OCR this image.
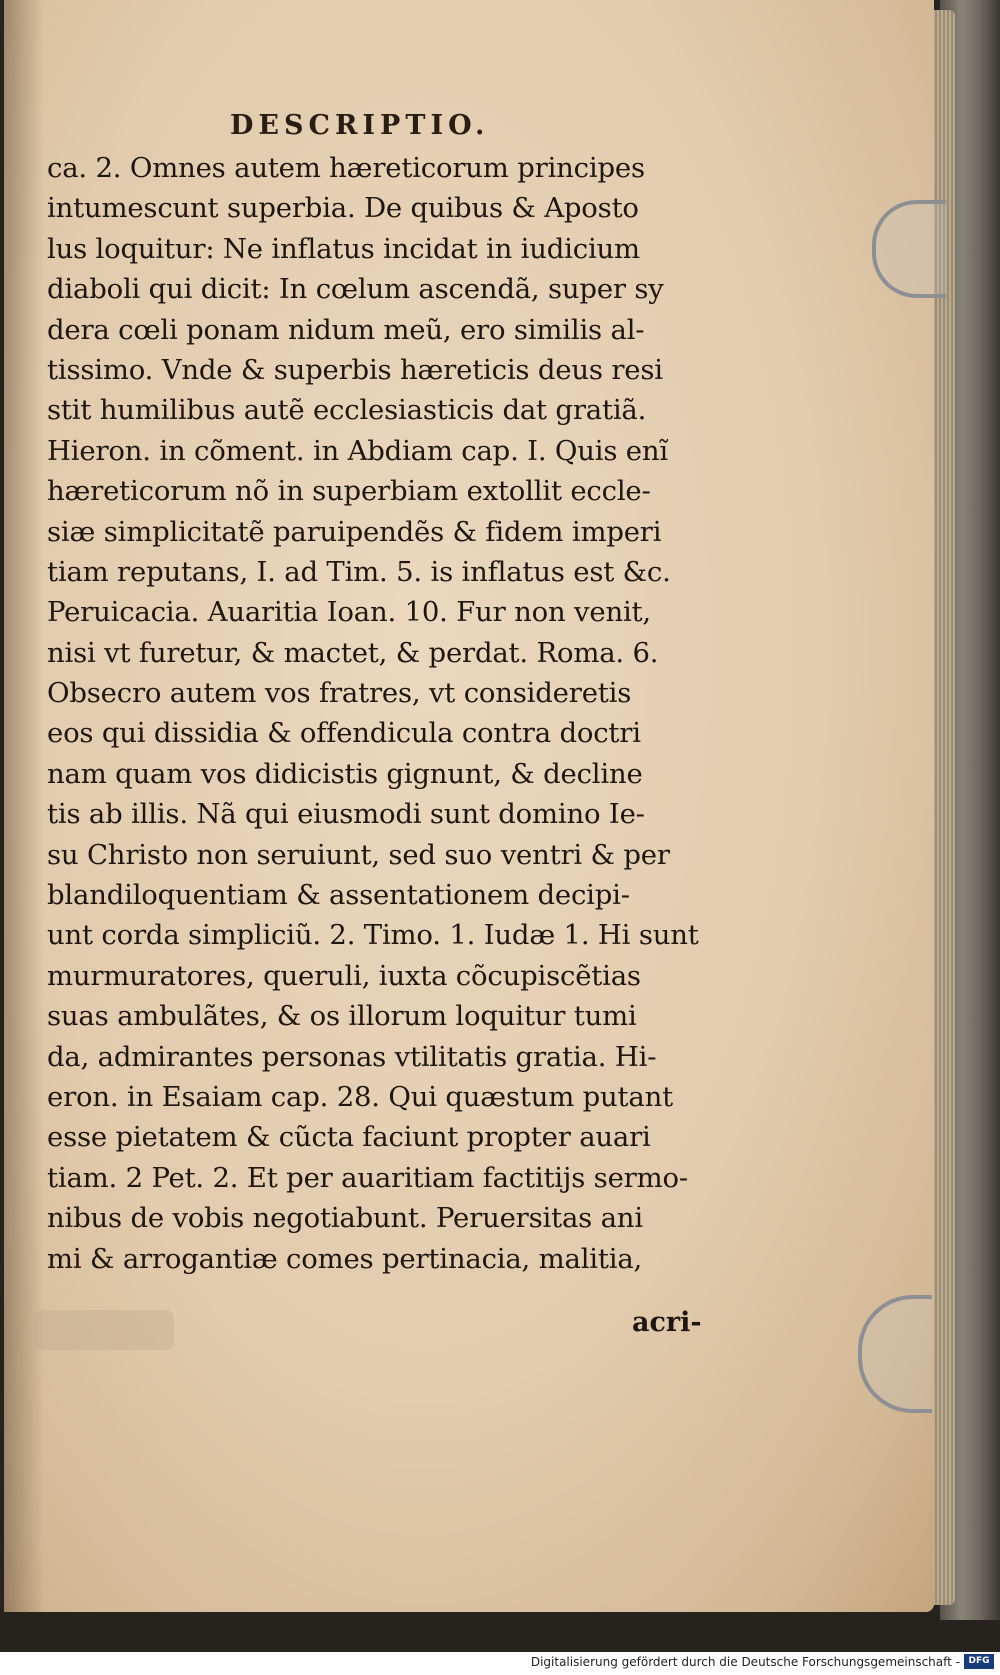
DESCRIPTIO.
ca. 2. Omnes autem hæreticorum principes
intumescunt superbia. De quibus & Aposto
lus loquitur: Ne inflatus incidat in iudicium
diaboli qui dicit: In cœlum ascendã, super sy
dera cœli ponam nidum meũ, ero similis al-
tissimo. Vnde & superbis hæreticis deus resi
stit humilibus autẽ ecclesiasticis dat gratiã.
Hieron. in cõment. in Abdiam cap. I. Quis enĩ
hæreticorum nõ in superbiam extollit eccle-
siæ simplicitatẽ paruipendẽs & fidem imperi
tiam reputans, I. ad Tim. 5. is inflatus est &c.
Peruicacia. Auaritia Ioan. 10. Fur non venit,
nisi vt furetur, & mactet, & perdat. Roma. 6.
Obsecro autem vos fratres, vt consideretis
eos qui dissidia & offendicula contra doctri
nam quam vos didicistis gignunt, & decline
tis ab illis. Nã qui eiusmodi sunt domino Ie-
su Christo non seruiunt, sed suo ventri & per
blandiloquentiam & assentationem decipi-
unt corda simpliciũ. 2. Timo. 1. Iudæ 1. Hi sunt
murmuratores, queruli, iuxta cõcupiscẽtias
suas ambulãtes, & os illorum loquitur tumi
da, admirantes personas vtilitatis gratia. Hi-
eron. in Esaiam cap. 28. Qui quæstum putant
esse pietatem & cũcta faciunt propter auari
tiam. 2 Pet. 2. Et per auaritiam factitijs sermo-
nibus de vobis negotiabunt. Peruersitas ani
mi & arrogantiæ comes pertinacia, malitia,
acri-
Digitalisierung gefördert durch die Deutsche Forschungsgemeinschaft - DFG
